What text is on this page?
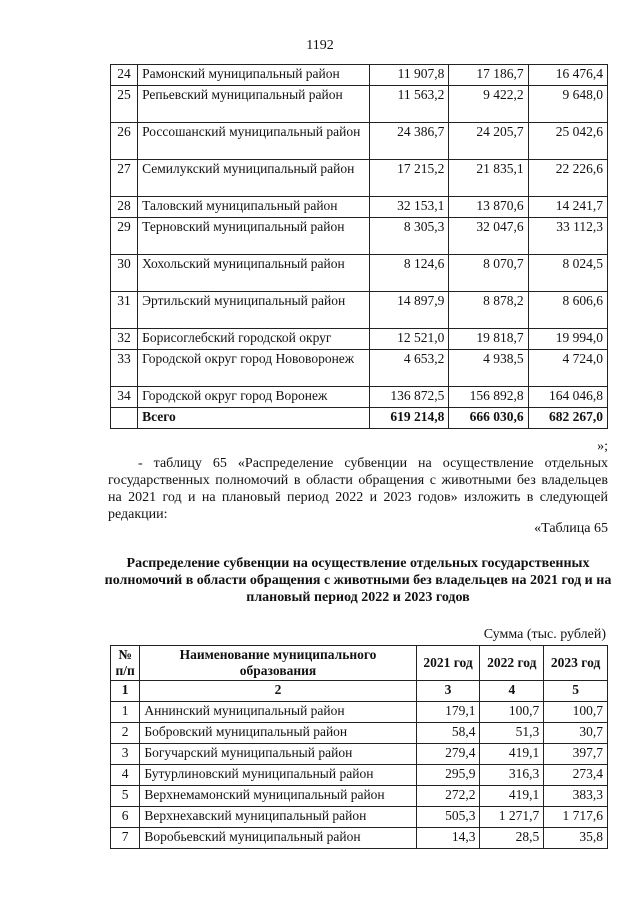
1192
24	Рамонский муниципальный район	11 907,8	17 186,7	16 476,4
25	Репьевский муниципальный район	11 563,2	9 422,2	9 648,0
26	Россошанский муниципальный район	24 386,7	24 205,7	25 042,6
27	Семилукский муниципальный район	17 215,2	21 835,1	22 226,6
28	Таловский муниципальный район	32 153,1	13 870,6	14 241,7
29	Терновский муниципальный район	8 305,3	32 047,6	33 112,3
30	Хохольский муниципальный район	8 124,6	8 070,7	8 024,5
31	Эртильский муниципальный район	14 897,9	8 878,2	8 606,6
32	Борисоглебский городской округ	12 521,0	19 818,7	19 994,0
33	Городской округ город Нововоронеж	4 653,2	4 938,5	4 724,0
34	Городской округ город Воронеж	136 872,5	156 892,8	164 046,8
	Всего	619 214,8	666 030,6	682 267,0
»;
- таблицу 65 «Распределение субвенции на осуществление отдельных государственных полномочий в области обращения с животными без владельцев на 2021 год и на плановый период 2022 и 2023 годов» изложить в следующей редакции:
«Таблица 65
Распределение субвенции на осуществление отдельных государственных полномочий в области обращения с животными без владельцев на 2021 год и на плановый период 2022 и 2023 годов
Сумма (тыс. рублей)
№ п/п	Наименование муниципального образования	2021 год	2022 год	2023 год
1	2	3	4	5
1	Аннинский муниципальный район	179,1	100,7	100,7
2	Бобровский муниципальный район	58,4	51,3	30,7
3	Богучарский муниципальный район	279,4	419,1	397,7
4	Бутурлиновский муниципальный район	295,9	316,3	273,4
5	Верхнемамонский муниципальный район	272,2	419,1	383,3
6	Верхнехавский муниципальный район	505,3	1 271,7	1 717,6
7	Воробьевский муниципальный район	14,3	28,5	35,8
